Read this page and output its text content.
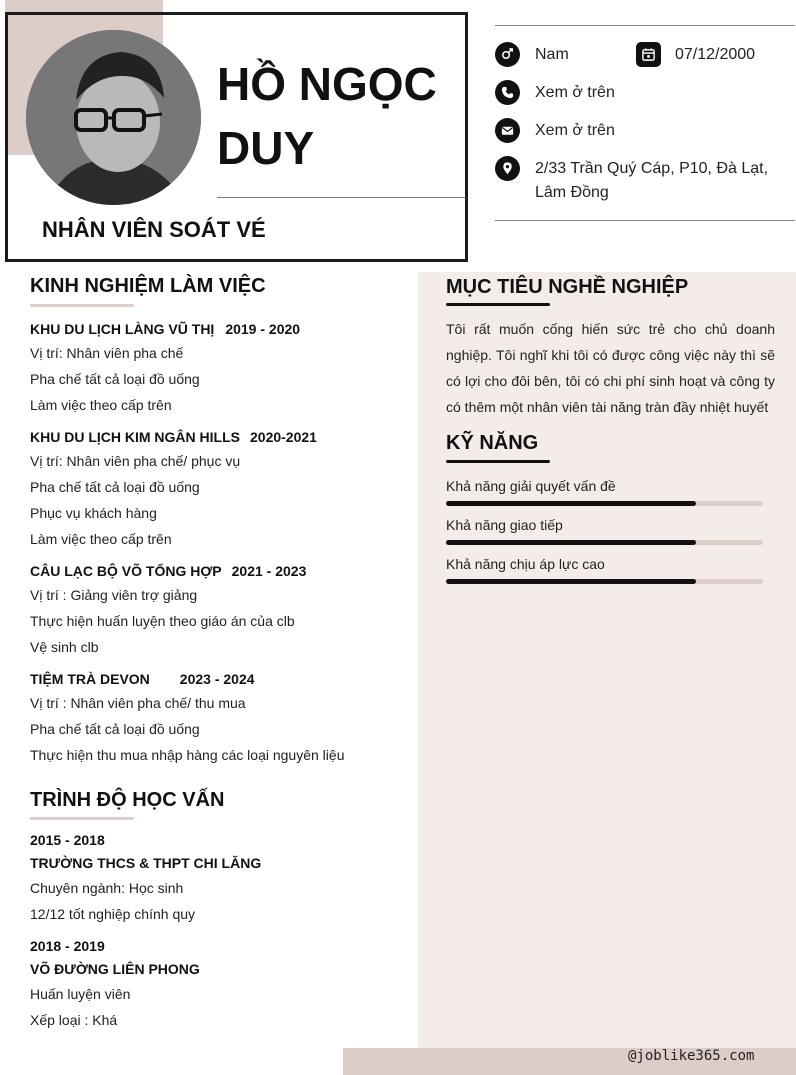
HỒ NGỌC DUY
NHÂN VIÊN SOÁT VÉ
Nam	07/12/2000
Xem ở trên
Xem ở trên
2/33 Trần Quý Cáp, P10, Đà Lạt, Lâm Đồng
KINH NGHIỆM LÀM VIỆC
KHU DU LỊCH LÀNG VŨ THỊ 2019 - 2020
Vị trí: Nhân viên pha chế
Pha chế tất cả loại đồ uống
Làm việc theo cấp trên
KHU DU LỊCH KIM NGÂN HILLS 2020-2021
Vị trí: Nhân viên pha chế/ phục vụ
Pha chế tất cả loại đồ uống
Phục vụ khách hàng
Làm việc theo cấp trên
CÂU LẠC BỘ VÕ TỔNG HỢP 2021 - 2023
Vị trí : Giảng viên trợ giảng
Thực hiện huấn luyện theo giáo án của clb
Vệ sinh clb
TIỆM TRÀ DEVON 2023 - 2024
Vị trí : Nhân viên pha chế/ thu mua
Pha chế tất cả loại đồ uống
Thực hiện thu mua nhập hàng các loại nguyên liệu
TRÌNH ĐỘ HỌC VẤN
2015 - 2018
TRƯỜNG THCS & THPT CHI LĂNG
Chuyên ngành: Học sinh
12/12 tốt nghiệp chính quy
2018 - 2019
VÕ ĐƯỜNG LIÊN PHONG
Huấn luyện viên
Xếp loại : Khá
MỤC TIÊU NGHỀ NGHIỆP
Tôi rất muốn cống hiến sức trẻ cho chủ doanh nghiệp. Tôi nghĩ khi tôi có được công việc này thì sẽ có lợi cho đôi bên, tôi có chi phí sinh hoạt và công ty có thêm một nhân viên tài năng tràn đầy nhiệt huyết
KỸ NĂNG
Khả năng giải quyết vấn đề
Khả năng giao tiếp
Khả năng chịu áp lực cao
@joblike365.com
